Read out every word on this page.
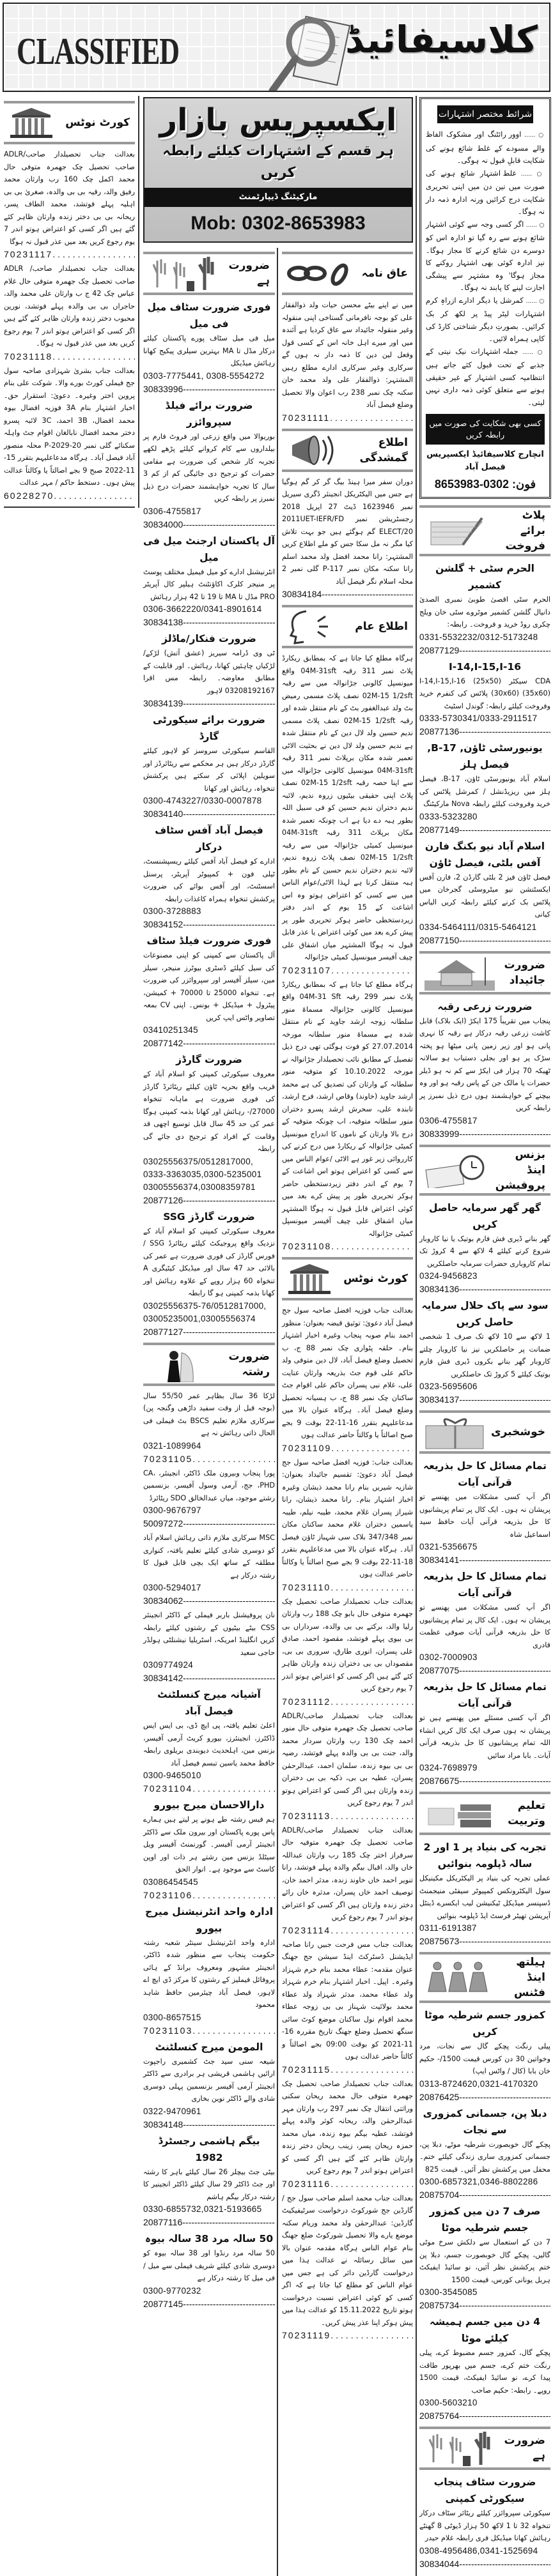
CLASSIFIED	کلاسیفائیڈ
کورٹ نوٹس
بعدالت جناب تحصیلدار صاحب/ADLR صاحب تحصیل چک جھمرہ متوفی حال محمد اکمل چک 160 رب وارثان محمد رفیق والد، رقیہ بی بی والدہ، صغریٰ بی بی اہلیہ پہلے فوتشد، محمد الطاف پسر، ریحانہ بی بی دختر زندہ وارثان ظاہر کئے گئے ہیں اگر کسی کو اعتراض ہوتو اندر 7 یوم رجوع کریں بعد میں عذر قبول نہ ہوگا
70231117 .....
بعدالت جناب تحصیلدار صاحب/ ADLR صاحب تحصیل چک جھمرہ متوفی حال غلام عباس چک 42 ج ب وارثان علی محمد والد، حاجراں بی بی والدہ پہلے فوتشد، نورین محبوب دختر زندہ وارثان ظاہر کئے گئے ہیں اگر کسی کو اعتراض ہوتو اندر 7 یوم رجوع کریں بعد میں عذر قبول نہ ہوگا۔
70231118 .....
بعدالت جناب بشریٰ شہزادی صاحبہ سول جج فیملی کورٹ بورے والا۔ شوکت علی بنام پروین اختر وغیرہ۔ دعویٰ: استقرار حق۔ اخبار اشتہار بنام 3A فوزیہ افضال بیوہ محمد افضال، 3B احمد، 3C لائبہ پسرو دختر محمد افضال نابالغان اقوام جٹ واہلہ سکنائے گلی نمبر 20-2029-P محلہ منصور آباد فیصل آباد۔ ہرگاہ مدعاعلیہم بتقرر 15-11-2022 صبح 9 بجے اصالتاً یا وکالتاً عدالت پیش ہوں۔ دستخط حاکم / مہر عدالت
60228270 .....
ایکسپریس بازار
ہر قسم کے اشتہارات کیلئے رابطہ کریں
مارکیٹنگ ڈیپارٹمنٹ
Mob: 0302-8653983
ضرورت ہے
فوری ضرورت سٹاف میل فی میل
میل فی میل سٹاف پورے پاکستان کیلئے درکار مڈل تا MA بہترین سیلری پیکیج کھانا رہائش میڈیکل
0303-7775441, 0308-5554272
30833996 -----
ضرورت برائے فیلڈ سپروائزر
بوریوالا میں واقع زرعی اور فروٹ فارم پر بیلداروں سے کام کروانے کیلئے پڑھے لکھے تجربہ کار شخص کی ضرورت ہے مقامی حضرات کو ترجیح دی جائیگی کم از کم 3 سال کا تجربہ خواہشمند حضرات درج ذیل نمبرز پر رابطہ کریں
0306-4755817
30834000 -----
آل پاکستان ارجنٹ میل فی میل
انٹرنیشنل ادارے کو میل فیمیل مختلف پوسٹ پر منیجر کلرک اکاؤنٹنٹ ہیلپر کال آپریٹر PRO مڈل تا MA تا 19 تا 42 ہزار رہائش
0306-3662220/0341-8901614
30834138 -----
ضرورت فنکار/ماڈلز
ٹی وی ڈرامہ سیریز (عشق آتش) لڑکے/لڑکیاں چاہئیں کھانا، رہائش۔ اور قابلیت کے مطابق معاوضہ۔ رابطہ مس اقرا 03208192167 لاہور
30834139 -----
ضرورت برائے سیکورٹی گارڈ
القاسم سیکورٹی سروسز کو لاہور کیلئے گارڈز درکار ہیں ہر محکمے سے ریٹائرڈز اور سویلین اپلائی کر سکتے ہیں پرکشش تنخواہ، رہائش اور کھانا
0300-4743227/0330-0007878
30834140 -----
فیصل آباد آفس سٹاف درکار
ادارے کو فیصل آباد آفس کیلئے ریسپشنسٹ، ٹیلی فون + کمپیوٹر آپریٹر، پرسنل اسسٹنٹ، اور آفس بوائے کی ضرورت پرکشش تنخواہ ہمراہ کاغذات رابطہ
0300-3728883
30834152 -----
فوری ضرورت فیلڈ سٹاف
آل پاکستان سے کمپنی کو اپنی مصنوعات کی سیل کیلئے ڈسٹری بیوٹرز منیجر، سیلز مین، سیلز آفیسر اور سپروائزر کی ضرورت ہے۔ تنخواہ 25000 تا 70000 + کمیشن، پیٹرول + میڈیکل + بونس۔ اپنی CV بمعہ تصاویر واٹس ایپ کریں
03410251345
20877142 -----
ضرورت گارڈز
معروف سیکورٹی کمپنی کو اسلام آباد کے قریب واقع بحریہ ٹاؤن کیلئے ریٹائرڈ گارڈز کی فوری ضرورت ہے ماہانہ تنخواہ 27000/- رہائش اور کھانا بذمہ کمپنی ہوگا عمر کی حد 45 سال قابل توسیع اچھی قد وقامت کے افراد کو ترجیح دی جائے گی رابطہ
03025556375/0512817000, 0333-3363035,0300-5235001 03005556374,03008359781
20877126 -----
ضرورت گارڈز SSG
معروف سیکورٹی کمپنی کو اسلام آباد کے نزدیک واقع پروجیکٹ کیلئے ریٹائرڈ SSG / فورس گارڈز کی فوری ضرورت ہے عمر کی بالائی حد 47 سال اور میڈیکل کیٹیگری A تنخواہ 60 ہزار روپے کے علاوہ رہائش اور کھانا بذمہ کمپنی ہو گا رابطہ
03025556375-76/0512817000, 03005235001,03005556374
20877127 -----
ضرورت رشتہ
لڑکا 36 سال بظاہر عمر 55/50 سال (بوجہ قبل از وقت سفید داڑھی وگنجہ پن) سرکاری ملازم تعلیم BSCS بٹ فیملی فی الحال ذاتی رہائش نہ ہے
0321-1089964
70231105 .....
پورا پنجاب وبیرون ملک ڈاکٹر، انجینئر، CA، PHD، جج، آرمی وسول آفیسر، بزنسمین رشتے موجود، میاں عبدالخالق SDO ریٹائرڈ
0300-9676797
50097272 -----
MSC سرکاری ملازم ذاتی رہائش اسلام آباد کو دوسری شادی کیلئے تعلیم یافتہ، کنواری مطلقہ کے ساتھ ایک بچی قابل قبول کا رشتہ درکار ہے
0300-5294017
30834062 -----
نان پروفیشنل باربر فیملی کے ڈاکٹر انجینئر CSS بیٹے بیٹیوں کے رشتوں کیلئے رابطہ کریں انگلینڈ امریکہ، اسٹریلیا نیشنلٹی ہولڈر حاجی سعید
0309774924
30834142 -----
آشیانہ میرج کنسلٹنٹ فیصل آباد
اعلیٰ تعلیم یافتہ، پی ایچ ڈی، بی ایس ایس ڈاکٹرز، انجینئرز، بیورو کریٹ آرمی آفیسر، بزنس مین، اہلحدیث دیوبندی بریلوی رابطہ حافظ محمد یاسین تبسم فیصل آباد
0300-9465010
70231104 .....
دارالاحسان میرج بیورو
ہم فیس رشتہ طے ہونے پر لیتے ہیں ہمارے پاس پورے پاکستان اور بیرون ملک سے ڈاکٹر انجینئر آرمی آفیسر۔ گورنمنٹ آفیسر ویل سیٹلڈ بزنس مین رشتے ہر ذات اور اوپن کاسٹ سے موجود ہے۔ انوار الحق
03086454545
70231106 .....
ادارہ واحد انٹرنیشنل میرج بیورو
ادارہ واحد انٹرنیشنل سینٹر شعبہ رشتہ حکومت پنجاب سے منظور شدہ ڈاکٹر، انجینئر مشہور ومعروف برانڈ کے ہائی پروفائل فیملیز کے رشتوں کا مرکز ڈی ایچ اے لاہور، فیصل آباد چیئرمین حافظ شاہد محمود
0300-8657515
70231103 .....
المومن میرج کنسلٹنٹ
شیعہ سنی سید جٹ کشمیری راجپوت ارائیں ہاشمی قریشی ہر برادری سے ڈاکٹر انجینئر آرمی آفیسر بزنسمین پہلی دوسری شادی والے ڈاکٹر نوین بخاری
0322-9470961
30834148 -----
بیگم ہاشمی رجسٹرڈ 1982
بیٹی جٹ بیچلر 26 سال کیلئے باہر کا رشتہ اور جٹ ڈاکٹر 29 سال کیلئے ڈاکٹر انجینیر کا رشتہ درکار بیگم ہاشم
0330-6855732,0321-5193665
20877116 -----
50 سالہ مرد 38 سالہ بیوہ
50 سالہ مرد رنڈوا اور 38 سالہ بیوہ کو دوسری شادی کیلئے شریف فیملی سے میل / فی میل کا رشتہ درکار ہے
0300-9770232
20877145 -----
عاق نامہ
میں نے اپنے بیٹے محسن حیات ولد ذوالفقار علی کو بوجہ نافرمانی گستاخی اپنی منقولہ وغیر منقولہ جائیداد سے عاق کردیا ہے آئندہ میں اور میرے اہل خانہ اس کے کسی قول وفعل لین دین کا ذمہ دار نہ ہوں گے سرکاری وغیر سرکاری ادارے مطلع رہیں المشتہر: ذوالفقار علی ولد محمد خان سکنہ چک نمبر 238 رب اعوان والا تحصیل وضلع فیصل آباد
70231111 .....
اطلاع گمشدگی
دوران سفر میرا ہینڈ بیگ گر کر گم ہوگیا ہے جس میں الیکٹریکل انجینئر ڈگری سیریل نمبر 1623946 ڈیٹ 27 اپریل 2018 رجسٹریشن نمبر 2011UET-IEFR/FD ELECT/20 گم ہوگئے ہیں جو بہت تلاش کیا مگر نہ مل سکا جس کو ملے اطلاع کریں المشتہر: رانا محمد افضل ولد محمد اسلم رانا سکنہ مکان نمبر P-117 گلی نمبر 2 محلہ اسلام نگر فیصل آباد
30834184 -----
اطلاع عام
ہرگاہ مطلع کیا جاتا ہے کہ بمطابق ریکارڈ پلاٹ نمبر 311 رقبہ 04M-31sft واقع میونسپل کالونی جڑانوالہ میں سے رقبہ 02M-15 1/2sft نصف پلاٹ مسمی رمیض بٹ ولد عبدالغفور بٹ کے نام منتقل شدہ اور رقبہ 02M-15 1/2sft نصف پلاٹ مسمی ندیم حسین ولد لال دین کے نام منتقل شدہ ہے ندیم حسین ولد لال دین نے بحثیت الاٹی تعمیر شدہ مکان برپلاٹ نمبر 311 رقبہ 04M-31sft میونسپل کالونی جڑانوالہ میں سے اپنا حصہ رقبہ 02M-15 1/2sft نصف پلاٹ اپنی حقیقی بیٹیوں زروہ ندیم، لائبہ ندیم دختران ندیم حسین کو فی سبیل اللہ بطور ہبہ دے دیا ہے اب چونکہ تعمیر شدہ مکان برپلاٹ 311 رقبہ 04M-31sft میونسپل کمیٹی جڑانوالہ میں سے رقبہ 02M-15 1/2sft نصف پلاٹ زروہ ندیم، لائبہ ندیم دختران ندیم حسین کے نام بطور ہبہ منتقل کرنا ہے لہذا الاٹی/عوام الناس میں سے کسی کو اعتراض ہوتو وہ اس اشاعت کے 15 یوم کے اندر دفتر زیردستخطی حاضر ہوکر تحریری طور پر پیش کرے بعد میں کوئی اعتراض یا عذر قابل قبول نہ ہوگا المشتہر میاں اشفاق علی چیف آفیسر میونسپل کمیٹی جڑانوالہ
70231107 .....
ہرگاہ مطلع کیا جاتا ہے کہ بمطابق ریکارڈ پلاٹ نمبر 299 رقبہ 04M-31 Sft واقع میونسپل کالونی جڑانوالہ مسماۃ منور سلطانہ زوجہ ارشد جاوید کے نام منتقل شدہ ہے مسماۃ منور سلطانہ مورخہ 27.07.2014 کو فوت ہوگئی تھی درج ذیل تفصیل کے مطابق نائب تحصیلدار جڑانوالہ نے مورخہ 10.10.2022 کو متوفیہ منور سلطانہ کے وارثان کی تصدیق کی ہے محمد ارشد جاوید (خاوند) وقاص ارشد، فرح ارشد، تابندہ علی، سحرش ارشد پسرو دختران منور سلطانہ متوفیہ، اب چونکہ متوفیہ کے درج بالا وارثان کے ناموں کا اندراج میونسپل کمیٹی جڑانوالہ کے ریکارڈ میں درج کرنے کی کارروائی زیر غور ہے الاٹی /عوام الناس میں سے کسی کو اعتراض ہوتو اس اشاعت کے 7 یوم کے اندر دفتر زیردستخطی حاضر ہوکر تحریری طور پر پیش کرے بعد میں کوئی اعتراض قابل قبول نہ ہوگا المشتہر میاں اشفاق علی چیف آفیسر میونسپل کمیٹی جڑانوالہ
70231108 .....
کورٹ نوٹس
بعدالت جناب فوزیہ افضل صاحبہ سول جج فیصل آباد دعویٰ: توثیق قبضہ بعنوان: منظور احمد بنام صوبہ پنجاب وغیرہ اخبار اشتہار بنام۔ حلقہ پٹواری چک نمبر 88 ج، ب تحصیل وضلع فیصل آباد، لال دین متوفی ولد حاکم علی قوم جٹ بذریعہ وارثان عنایت علی، غلام نبی پسران حاکم علی اقوام جٹ ساکنان چک نمبر 88 ج، ب ہسیانہ تحصیل وضلع فیصل آباد۔ ہرگاہ عنوان بالا میں مدعاعلیہم بتقرر 16-11-22 بوقت 9 بجے صبح اصالتاً یا وکالتاً حاضر عدالت ہوں
70231109 .....
بعدالت جناب: فوزیہ افضل صاحبہ سول جج فیصل آباد دعویٰ: تقسیم جائیداد بعنوان: شازیہ شیریں بنام رانا محمد ذیشان وغیرہ اخبار اشتہار بنام۔ رانا محمد ذیشان، رانا شیراز پسران غلام محمد، طیبہ نیلم، طیبہ یاسمین دختران غلام محمد ساکنان مکان نمبر 347/348 بلاک سی شہباز ٹاؤن فیصل آباد۔ ہرگاہ عنوان بالا میں مدعاعلیہم بتقرر 18-11-22 بوقت 9 بجے صبح اصالتاً یا وکالتاً حاضر عدالت ہوں
70231110 .....
بعدالت جناب تحصیلدار صاحب تحصیل چک جھمرہ متوفی حال بابو چک 188 رب وارثان رلیا والد، برکتے بی بی والدہ، سرداراں بی بی بیوی پہلے فوتشد، مقصود احمد، صادق علی پسران، انوری طارق، سروری بی بی، مقصوداں بی بی دختران زندہ وارثان ظاہر کئے گئے ہیں اگر کسی کو اعتراض ہوتو اندر 7 یوم رجوع کریں
70231112 .....
بعدالت جناب تحصیلدار صاحب/ADLR صاحب تحصیل چک جھمرہ متوفی حال منور احمد چک 130 رب وارثان سردار محمد والد، جنت بی بی والدہ پہلے فوتشد، رضیہ بی بی بیوہ زندہ، سلمان احمد، عبدالرحمٰن پسران، عطیہ بی بی، ذکیہ بی بی دختران زندہ وارثان ہیں اگر کسی کو اعتراض ہوتو اندر 7 یوم رجوع کریں
70231113 .....
بعدالت جناب تحصیلدار صاحب/ADLR صاحب تحصیل چک جھمرہ متوفیہ حال سرفراز اختر چک 185 رب وارثان عبداللہ خاں والد، اقبال بیگم والدہ پہلے فوتشد، رانا تنویر احمد خاں خاوند زندہ، مدثر احمد خان، توصیف احمد خاں پسران، مدثرہ خاں رائے دختر زندہ وارثان ہیں اگر کسی کو اعتراض ہوتو اندر 7 یوم رجوع کریں
70231114 .....
بعدالت جناب مس فرحت جبیں رانا صاحبہ ایڈیشنل ڈسٹرکٹ اینڈ سیشن جج جھنگ عنوان مقدمہ: عطاء محمد بنام خرم شہزاد وغیرہ۔ اپیل۔ اخبار اشتہار بنام خرم شہزاد ولد عطاء محمد، مدثر شہزاد ولد عطاء محمد بولائیت شہناز بی بی زوجہ عطاء محمد اقوام نول ساکنان موضع کوٹ سائی سنگھ تحصیل وضلع جھنگ تاریخ مقررہ 16-11-2021 کو بوقت 09:00 بجے اصالتاً و کالتاً حاضر عدالت ہوں
70231115 .....
بعدالت جناب تحصیلدار صاحب تحصیل چک جھمرہ متوفی حال محمد ریحان سکنی وراثتی انتقال چک نمبر 297 رب وارثان مہر عبدالرحمٰن والد، ریحانہ کوثر والدہ پہلے فوتشد، عطیہ بیگم بیوہ زندہ، میاں محمد حمزہ ریحان پسر، زینب ریحان دختر زندہ وارثان ظاہر کئے گئے ہیں اگر کسی کو اعتراض ہوتو اندر 7 یوم رجوع کریں
70231116 .....
بعدالت جناب محمد اسلم صاحب سول جج / گارڈین جج شورکوٹ درخواست سرٹیفیکیٹ گارڈین: عبدالرحمٰن ولد محمد وریام سکنہ موضع یارے والا تحصیل شورکوٹ ضلع جھنگ بنام عوام الناس ہرگاہ مقدمہ عنوان بالا میں سائل رسائلہ نے عدالت ہذا میں درخواست گارڈین دائر کی ہے جس میں عوام الناس کو مطلع کیا جاتا ہے کہ اگر کسی کو کوئی اعتراض نسبت درخواست ہوتو تاریخ 15.11.2022 کو عدالت ہذا میں پیش ہوکر اپنا عذر پیش کریں۔
70231119 .....
شرائط مختصر اشتہارات
○ ...... اوور رائٹنگ اور مشکوک الفاظ والے مسودے کے غلط شائع ہونے کی شکایت قابلِ قبول نہ ہوگی۔
○ ...... غلط اشتہار شائع ہونے کی صورت میں تین دن میں اپنی تحریری شکایت درج کرائیں ورنہ ادارہ ذمہ دار نہ ہوگا۔
○ ...... اگر کسی وجہ سے کوئی اشتہار شائع ہونے سے رہ گیا تو ادارہ اس کو دوسرے دن شائع کرنے کا مجاز ہوگا۔ نیز ادارہ کوئی بھی اشتہار روکنے کا مجاز ہوگا' وہ مشتہر سے پیشگی اجازت لینے کا پابند نہ ہوگا۔
○ ...... کمرشل یا دیگر ادارے ازراہِ کرم اشتہارات لیٹر پیڈ پر لکھ کر بک کرائیں۔ بصورتِ دیگر شناختی کارڈ کی کاپی ہمراہ لائیں۔
○ ...... جملہ اشتہارات نیک نیتی کے جذبے کے تحت قبول کئے جاتے ہیں انتظامیہ کسی اشتہار کے غیر حقیقی ہونے سے متعلق کوئی ذمہ داری نہیں لیتی۔
کسی بھی شکایت کی صورت میں رابطہ کریں
انچارج کلاسیفائیڈ ایکسپریس فیصل آباد
فون: 0302-8653983
پلاٹ برائے فروخت
الحرم سٹی + گلشن کشمیر
الحرم سٹی اقصیٰ طوبیٰ نمبری الصدیٰ دانیال گلشن کشمیر موٹروے سٹی خان ویلج چکری روڈ خرید و فروخت۔ رابطہ:
0331-5532232/0312-5173248
20877129 -----
I-14,I-15,I-16
CDA سیکٹر I-14,I-15,I-16 (25x50)(30x60) (35x60) پلاٹس کی کنفرم خرید وفروخت کیلئے رابطہ: گوندل اسٹیٹ
0333-5730341/0333-2911517
20877136 -----
یونیورسٹی ٹاؤن, B-17, فیصل ہلز
اسلام آباد یونیورسٹی ٹاؤن، B-17، فیصل ہلز میں ریزیڈنشل / کمرشل پلاٹس کی خرید وفروخت کیلئے رابطہ Nova مارکیٹنگ
0333-5323280
20877149 -----
اسلام آباد نیو بکنگ فارن آفس بلٹی، فیصل ٹاؤن
فیصل ٹاؤن فیز 2 بلٹی گارڈن 2، فارن آفس ایکسٹنشن نیو میٹروسٹی گجرخان میں پلاٹس بک کرنے کیلئے رابطہ کریں الیاس کیانی
0334-5464111/0315-5464121
20877150 -----
ضرورت جائیداد
ضرورت زرعی رقبہ
پنجاب میں تقریباً 175 ایکڑ (ایک بلاک) قابل کاشت زرعی رقبہ درکار ہے رقبہ کا نہری پانی ہو اور زیر زمین پانی میٹھا ہو پختہ سڑک پر ہو اور بجلی دستیاب ہو سالانہ ٹھیکہ 70 ہزار فی ایکڑ سے کم نہ ہو ڈیلر حضرات یا مالک جن کے پاس رقبہ ہو اور وہ بیچنے کے خواہشمند ہوں درج ذیل نمبرز پر رابطہ کریں
0306-4755817
30833999 -----
بزنس اینڈ پروفیشن
گھر گھر سرمایہ حاصل کریں
گھر بنانے ڈیری فش فارم بوتیک یا نیا کاروبار شروع کرنے کیلئے 4 لاکھ سے 4 کروڑ تک تمام کاروباری حضرات سرمایہ حاصلکریں
0324-9456823
30834136 -----
سود سے پاک حلال سرمایہ حاصل کریں
1 لاکھ سے 10 لاکھ تک صرف 1 شخصی ضمانت پر حاصلکریں نیز نیا کاروبار چلتے کاروبار گھر بنانے بکروں ڈیری فش فارم بوتیک کیلئے 5 کروڑ تک حاصلکریں
0323-5695606
30834137 -----
خوشخبری
تمام مسائل کا حل بذریعہ قرآنی آیات
اگر آپ کسی مشکلات میں پھنسے تو پریشان نہ ہوں۔ ایک کال پر تمام پریشانیوں کا حل بذریعہ قرآنی آیات حافظ سید اسماعیل شاہ
0321-5356675
30834141 -----
تمام مسائل کا حل بذریعہ قرآنی آیات
اگر آپ کسی مشکلات میں پھنسے تو پریشان نہ ہوں۔ ایک کال پر تمام پریشانیوں کا حل بذریعہ قرآنی آیات صوفی عظمت قادری
0302-7000903
20877075 -----
تمام مسائل کا حل بذریعہ قرآنی آیات
اگر آپ کسی مسئلے میں پھنسے ہیں تو پریشان نہ ہوں صرف ایک کال کریں انشاء اللہ تمام پریشانیوں کا حل بذریعہ قرآنی آیات۔ بابا مراد سائیں
0324-7698979
20876675 -----
تعلیم وتربیت
تجربہ کی بنیاد پر 1 اور 2 سالہ ڈپلومہ بنوائیں
عملی تجربہ کی بنیاد پر الیکٹریکل مکینیکل سول الیکٹرونکس کمپیوٹر سیفٹی منیجمنٹ ڈسپنسر میڈیکل ٹیکنیشن لیب ایکسرے ڈینٹل آپریشن تھیٹر فرسٹ ایڈ ڈپلومہ بنوائیں
0311-6191387
20875673 -----
ہیلتھ اینڈ فٹنس
کمزور جسم شرطیہ موٹا کریں
پیلی رنگت پچکے گال سے نجات، مرد وخواتین 30 دن کورس قیمت 1500/- حکیم خان بابا (کال / واٹس ایپ)
0313-8724620,0321-4170320
20876425 -----
دبلا پن، جسمانی کمزوری سے نجات
پچکے گال خوبصورت شرطیہ موٹے، دبلا پن، جسمانی کمزوری ساری زندگی کیلئے ختم۔ محفل میں پرکشش نظر آئیں۔ قیمت 825
0300-6857321,0346-8802286
20875704 -----
صرف 7 دن میں کمزور جسم شرطیہ موٹا
7 دن کے استعمال سے دلکش سرخ موٹی گالیں، پچکے گال خوبصورت جسم، دبلا پن ختم پرکشش نظر آئیں، نو سائیڈ ایفیکٹ ہربل یونانی کورس، قیمت 1500
0300-3545085
20875734 -----
4 دن میں جسم ہمیشہ کیلئے موٹا
پچکے گال، کمزور جسم مضبوط کرے، پیلی رنگت ختم کرے، جسم میں بھرپور طاقت پیدا کرے، نو سائیڈ ایفیکٹ، قیمت 1500 روپے۔ رابطہ: حکیم صاحب
0300-5603210
20875764 -----
ضرورت ہے
ضرورت سٹاف پنجاب سیکورٹی کمپنی
سیکورٹی سپروائزر کیلئے ریٹائر سٹاف درکار تنخواہ 32 تا 1 لاکھ 50 ہزار ڈیوٹی 8 گھنٹے رہائش کھانا میڈیکل فری رابطہ غلام حیدر
0308-4956486,0341-1525694
30834044 -----
